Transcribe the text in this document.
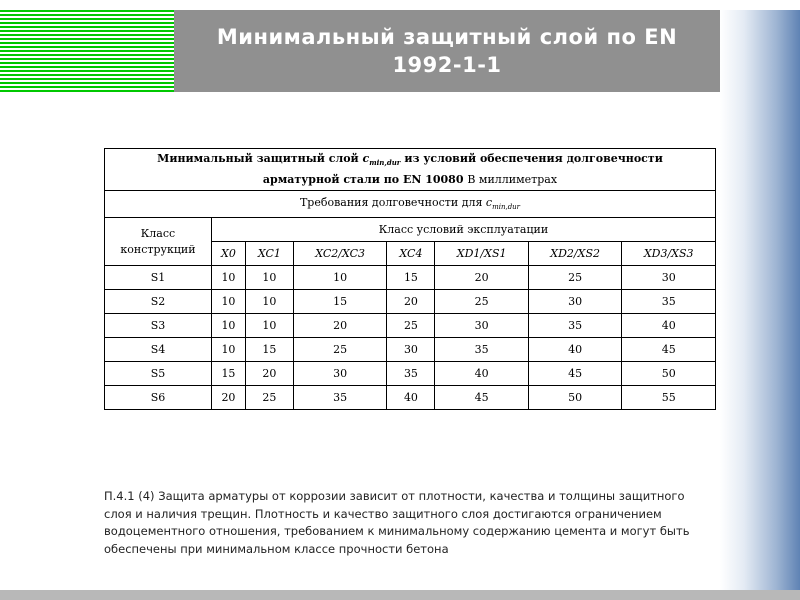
Минимальный защитный слой по EN 1992-1-1
Минимальный защитный слой $c_{min,dur}$ из условий обеспечения долговечности
арматурной стали по EN 10080 В миллиметрах							
Требования долговечности для $c_{min,dur}$
Класс конструкций	Класс условий эксплуатации						
	X0	XC1	XC2/XC3	XC4	XD1/XS1	XD2/XS2	XD3/XS3
S1	10	10	10	15	20	25	30
S2	10	10	15	20	25	30	35
S3	10	10	20	25	30	35	40
S4	10	15	25	30	35	40	45
S5	15	20	30	35	40	45	50
S6	20	25	35	40	45	50	55
П.4.1 (4) Защита арматуры от коррозии зависит от плотности, качества и толщины защитного слоя и наличия трещин. Плотность и качество защитного слоя достигаются ограничением водоцементного отношения, требованием к минимальному содержанию цемента и могут быть обеспечены при минимальном классе прочности бетона
